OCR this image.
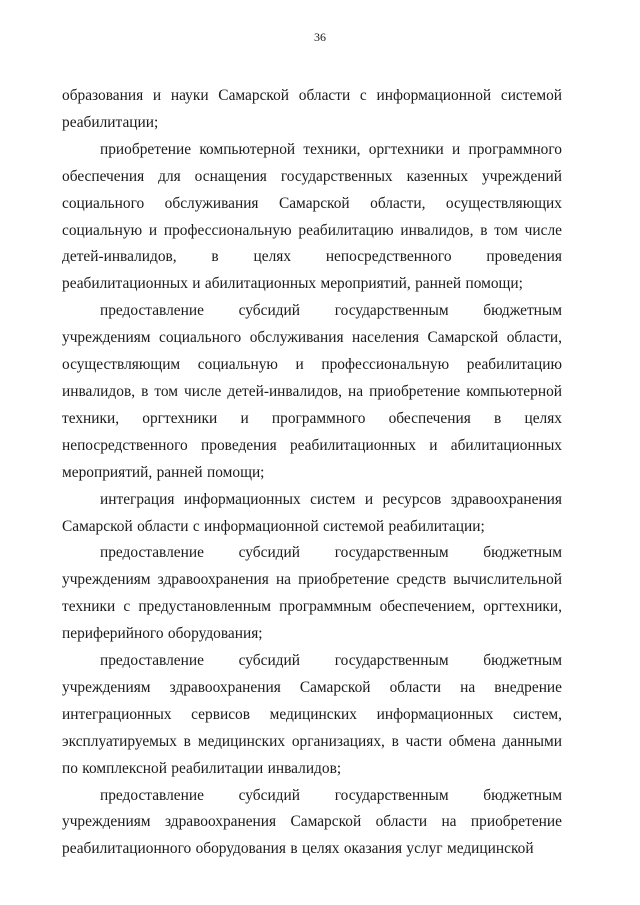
36

образования и науки Самарской области с информационной системой реабилитации;

приобретение компьютерной техники, оргтехники и программного обеспечения для оснащения государственных казенных учреждений социального обслуживания Самарской области, осуществляющих социальную и профессиональную реабилитацию инвалидов, в том числе детей-инвалидов, в целях непосредственного проведения реабилитационных и абилитационных мероприятий, ранней помощи;

предоставление субсидий государственным бюджетным учреждениям социального обслуживания населения Самарской области, осуществляющим социальную и профессиональную реабилитацию инвалидов, в том числе детей-инвалидов, на приобретение компьютерной техники, оргтехники и программного обеспечения в целях непосредственного проведения реабилитационных и абилитационных мероприятий, ранней помощи;

интеграция информационных систем и ресурсов здравоохранения Самарской области с информационной системой реабилитации;

предоставление субсидий государственным бюджетным учреждениям здравоохранения на приобретение средств вычислительной техники с предустановленным программным обеспечением, оргтехники, периферийного оборудования;

предоставление субсидий государственным бюджетным учреждениям здравоохранения Самарской области на внедрение интеграционных сервисов медицинских информационных систем, эксплуатируемых в медицинских организациях, в части обмена данными по комплексной реабилитации инвалидов;

предоставление субсидий государственным бюджетным учреждениям здравоохранения Самарской области на приобретение реабилитационного оборудования в целях оказания услуг медицинской
